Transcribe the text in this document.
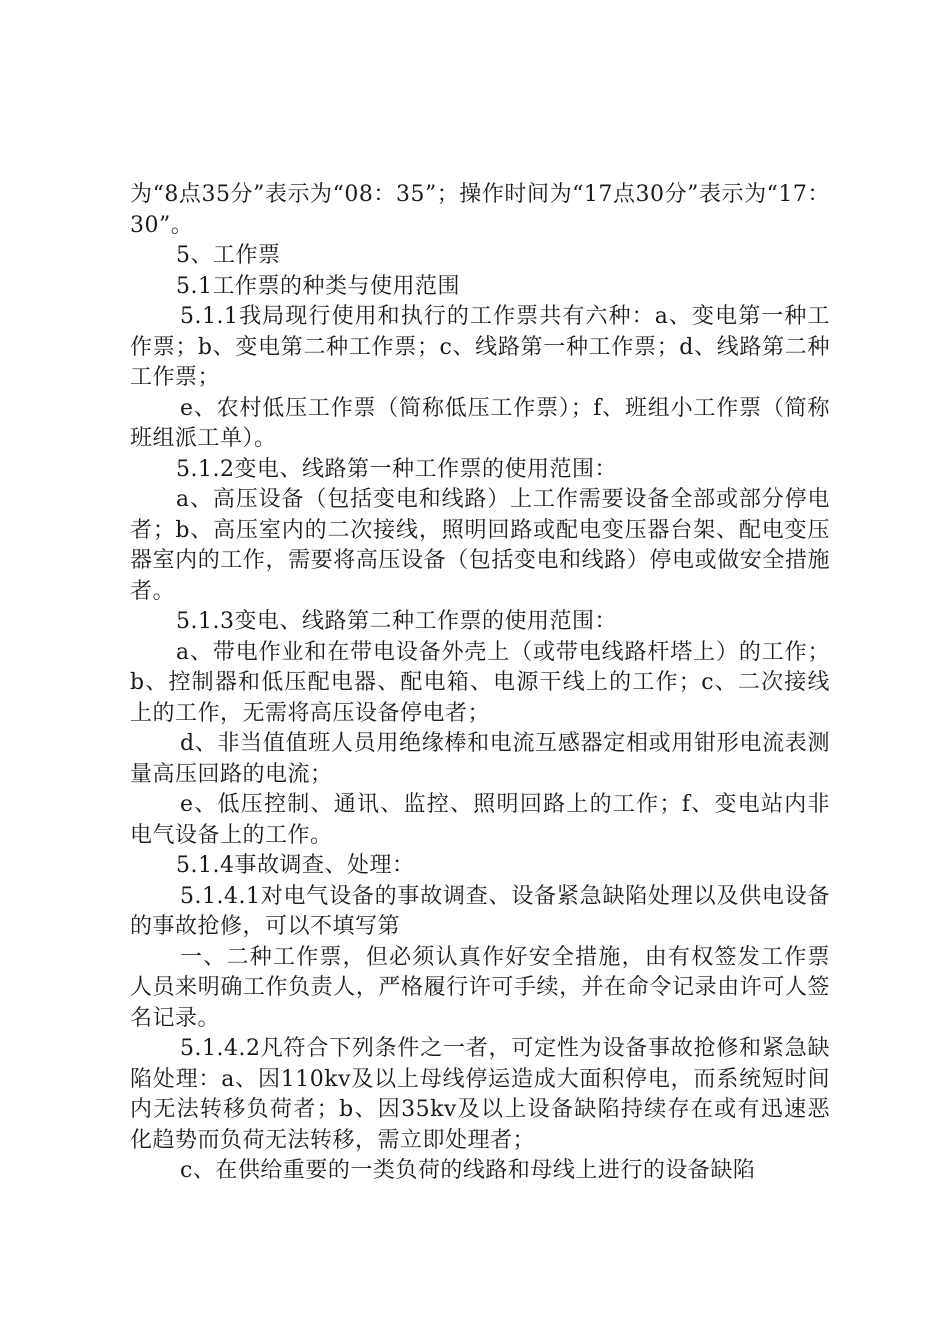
为“8点35分”表示为“08：35”；操作时间为“17点30分”表示为“17：30”。

5、工作票

5.1工作票的种类与使用范围

5.1.1我局现行使用和执行的工作票共有六种：a、变电第一种工作票；b、变电第二种工作票；c、线路第一种工作票；d、线路第二种工作票；

e、农村低压工作票（简称低压工作票）；f、班组小工作票（简称班组派工单）。

5.1.2变电、线路第一种工作票的使用范围：

a、高压设备（包括变电和线路）上工作需要设备全部或部分停电者；b、高压室内的二次接线，照明回路或配电变压器台架、配电变压器室内的工作，需要将高压设备（包括变电和线路）停电或做安全措施者。

5.1.3变电、线路第二种工作票的使用范围：

a、带电作业和在带电设备外壳上（或带电线路杆塔上）的工作；b、控制器和低压配电器、配电箱、电源干线上的工作；c、二次接线上的工作，无需将高压设备停电者；

d、非当值值班人员用绝缘棒和电流互感器定相或用钳形电流表测量高压回路的电流；

e、低压控制、通讯、监控、照明回路上的工作；f、变电站内非电气设备上的工作。

5.1.4事故调查、处理：

5.1.4.1对电气设备的事故调查、设备紧急缺陷处理以及供电设备的事故抢修，可以不填写第

一、二种工作票，但必须认真作好安全措施，由有权签发工作票人员来明确工作负责人，严格履行许可手续，并在命令记录由许可人签名记录。

5.1.4.2凡符合下列条件之一者，可定性为设备事故抢修和紧急缺陷处理：a、因110kv及以上母线停运造成大面积停电，而系统短时间内无法转移负荷者；b、因35kv及以上设备缺陷持续存在或有迅速恶化趋势而负荷无法转移，需立即处理者；

c、在供给重要的一类负荷的线路和母线上进行的设备缺陷
